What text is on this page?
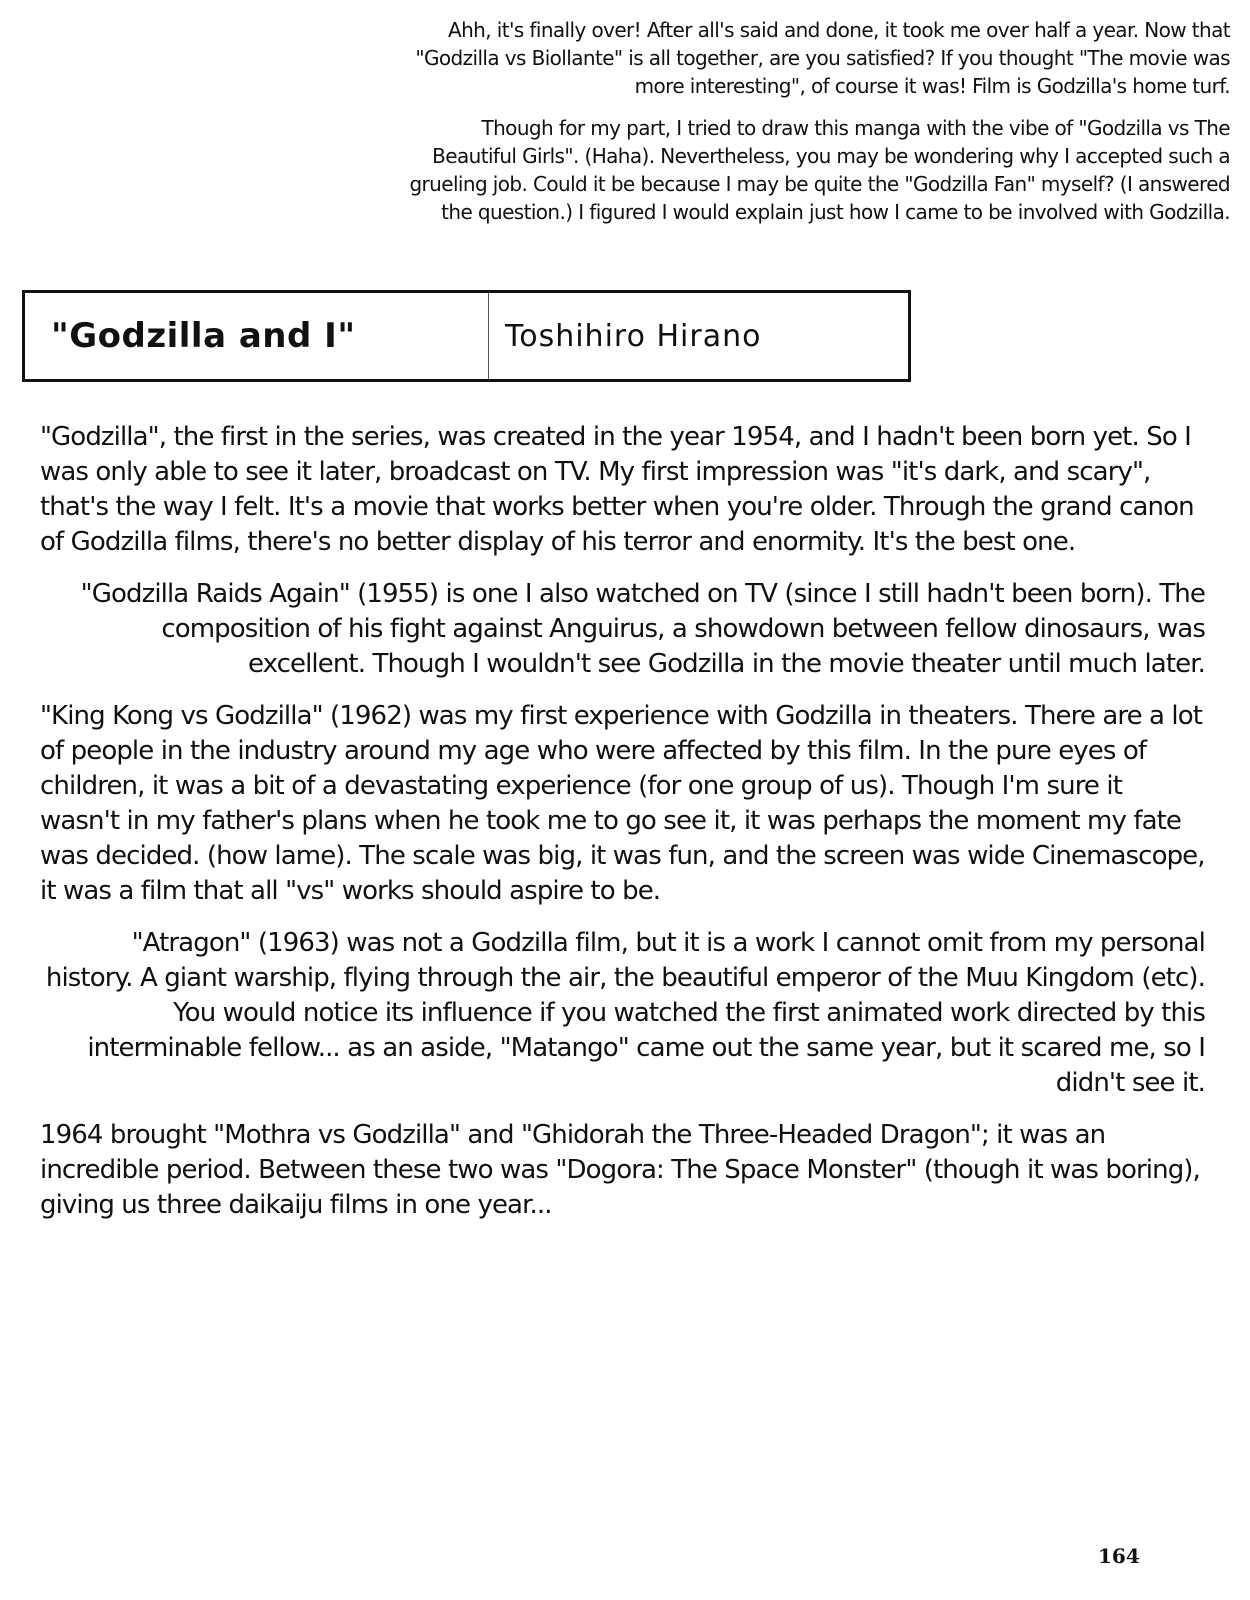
Ahh, it's finally over! After all's said and done, it took me over half a year. Now that "Godzilla vs Biollante" is all together, are you satisfied? If you thought "The movie was more interesting", of course it was! Film is Godzilla's home turf.

Though for my part, I tried to draw this manga with the vibe of "Godzilla vs The Beautiful Girls". (Haha). Nevertheless, you may be wondering why I accepted such a grueling job. Could it be because I may be quite the "Godzilla Fan" myself? (I answered the question.) I figured I would explain just how I came to be involved with Godzilla.

"Godzilla and I"	Toshihiro Hirano

"Godzilla", the first in the series, was created in the year 1954, and I hadn't been born yet. So I was only able to see it later, broadcast on TV. My first impression was "it's dark, and scary", that's the way I felt. It's a movie that works better when you're older. Through the grand canon of Godzilla films, there's no better display of his terror and enormity. It's the best one.

"Godzilla Raids Again" (1955) is one I also watched on TV (since I still hadn't been born). The composition of his fight against Anguirus, a showdown between fellow dinosaurs, was excellent. Though I wouldn't see Godzilla in the movie theater until much later.

"King Kong vs Godzilla" (1962) was my first experience with Godzilla in theaters. There are a lot of people in the industry around my age who were affected by this film. In the pure eyes of children, it was a bit of a devastating experience (for one group of us). Though I'm sure it wasn't in my father's plans when he took me to go see it, it was perhaps the moment my fate was decided. (how lame). The scale was big, it was fun, and the screen was wide Cinemascope, it was a film that all "vs" works should aspire to be.

"Atragon" (1963) was not a Godzilla film, but it is a work I cannot omit from my personal history. A giant warship, flying through the air, the beautiful emperor of the Muu Kingdom (etc). You would notice its influence if you watched the first animated work directed by this interminable fellow... as an aside, "Matango" came out the same year, but it scared me, so I didn't see it.

1964 brought "Mothra vs Godzilla" and "Ghidorah the Three-Headed Dragon"; it was an incredible period. Between these two was "Dogora: The Space Monster" (though it was boring), giving us three daikaiju films in one year...

164
